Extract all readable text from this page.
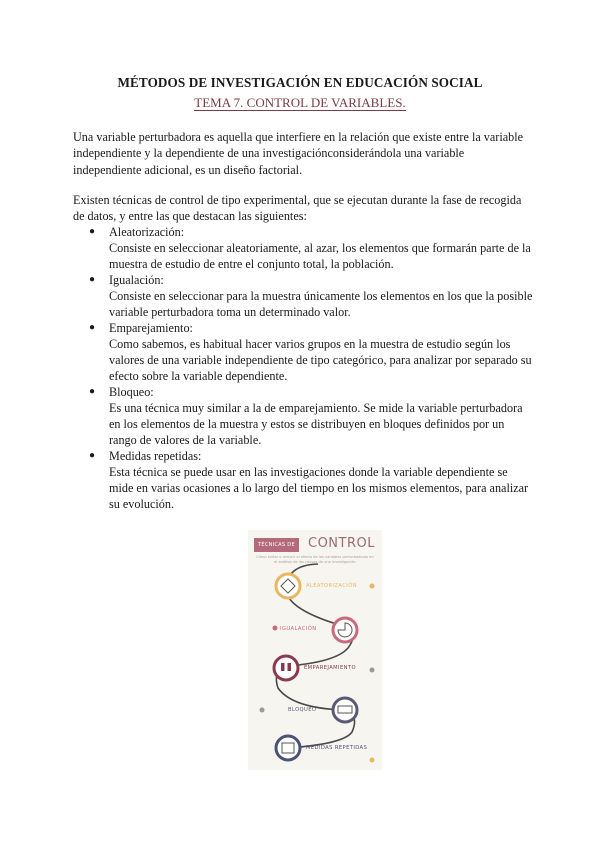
MÉTODOS DE INVESTIGACIÓN EN EDUCACIÓN SOCIAL
TEMA 7. CONTROL DE VARIABLES.
Una variable perturbadora es aquella que interfiere en la relación que existe entre la variable independiente y la dependiente de una investigaciónconsiderándola una variable independiente adicional, es un diseño factorial.
Existen técnicas de control de tipo experimental, que se ejecutan durante la fase de recogida de datos, y entre las que destacan las siguientes:
● Aleatorización:
Consiste en seleccionar aleatoriamente, al azar, los elementos que formarán parte de la muestra de estudio de entre el conjunto total, la población.
● Igualación:
Consiste en seleccionar para la muestra únicamente los elementos en los que la posible variable perturbadora toma un determinado valor.
● Emparejamiento:
Como sabemos, es habitual hacer varios grupos en la muestra de estudio según los valores de una variable independiente de tipo categórico, para analizar por separado su efecto sobre la variable dependiente.
● Bloqueo:
Es una técnica muy similar a la de emparejamiento. Se mide la variable perturbadora en los elementos de la muestra y estos se distribuyen en bloques definidos por un rango de valores de la variable.
● Medidas repetidas:
Esta técnica se puede usar en las investigaciones donde la variable dependiente se mide en varias ocasiones a lo largo del tiempo en los mismos elementos, para analizar su evolución.
TÉCNICAS DE	CONTROL
Cómo evitar o reducir el efecto de las variables perturbadoras en el análisis de las causas de una investigación
ALEATORIZACIÓN
IGUALACIÓN
EMPAREJAMIENTO
BLOQUEO
MEDIDAS REPETIDAS
